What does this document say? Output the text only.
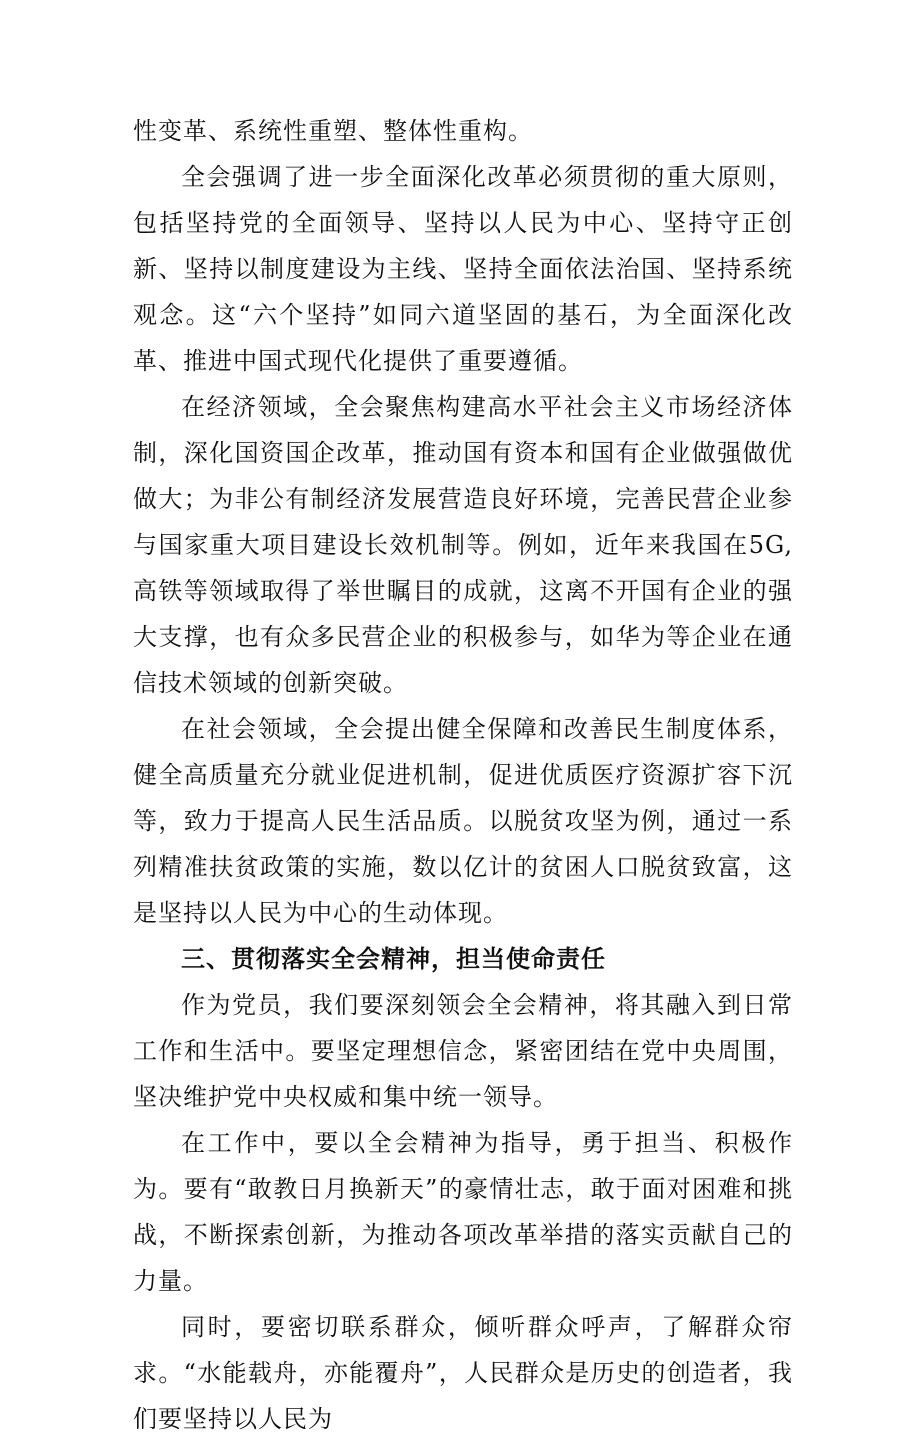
性变革、系统性重塑、整体性重构。

全会强调了进一步全面深化改革必须贯彻的重大原则，包括坚持党的全面领导、坚持以人民为中心、坚持守正创新、坚持以制度建设为主线、坚持全面依法治国、坚持系统观念。这“六个坚持”如同六道坚固的基石，为全面深化改革、推进中国式现代化提供了重要遵循。

在经济领域，全会聚焦构建高水平社会主义市场经济体制，深化国资国企改革，推动国有资本和国有企业做强做优做大；为非公有制经济发展营造良好环境，完善民营企业参与国家重大项目建设长效机制等。例如，近年来我国在5G,高铁等领域取得了举世瞩目的成就，这离不开国有企业的强大支撑，也有众多民营企业的积极参与，如华为等企业在通信技术领域的创新突破。

在社会领域，全会提出健全保障和改善民生制度体系，健全高质量充分就业促进机制，促进优质医疗资源扩容下沉等，致力于提高人民生活品质。以脱贫攻坚为例，通过一系列精准扶贫政策的实施，数以亿计的贫困人口脱贫致富，这是坚持以人民为中心的生动体现。

三、贯彻落实全会精神，担当使命责任

作为党员，我们要深刻领会全会精神，将其融入到日常工作和生活中。要坚定理想信念，紧密团结在党中央周围，坚决维护党中央权威和集中统一领导。

在工作中，要以全会精神为指导，勇于担当、积极作为。要有“敢教日月换新天”的豪情壮志，敢于面对困难和挑战，不断探索创新，为推动各项改革举措的落实贡献自己的力量。

同时，要密切联系群众，倾听群众呼声，了解群众帘求。“水能载舟，亦能覆舟”，人民群众是历史的创造者，我们要坚持以人民为
